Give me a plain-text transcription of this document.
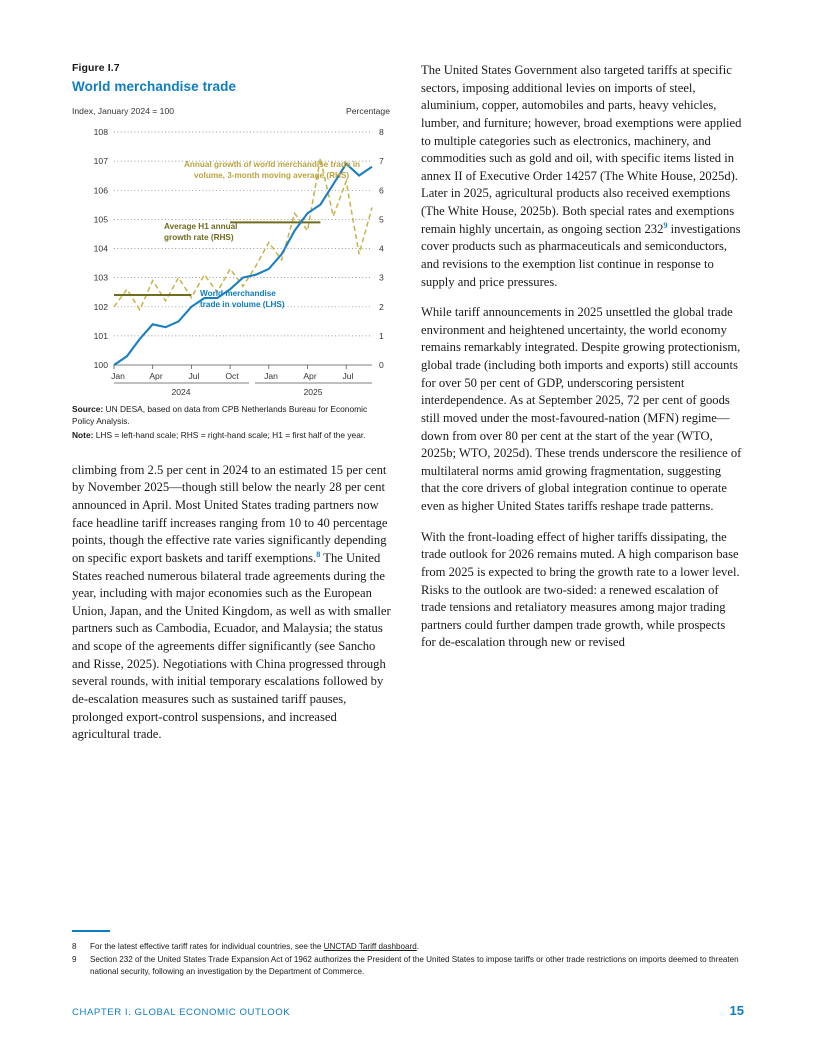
Figure I.7
World merchandise trade
Index, January 2024 = 100	Percentage
108
107
106
105
104
103
102
101
100
8
7
6
5
4
3
2
1
0
Jan	Apr	Jul	Oct	Jan	Apr	Jul
2024	2025
Annual growth of world merchandise trade in
volume, 3-month moving average (RHS)
Average H1 annual
growth rate (RHS)
World merchandise
trade in volume (LHS)
Source: UN DESA, based on data from CPB Netherlands Bureau for Economic Policy Analysis.
Note: LHS = left-hand scale; RHS = right-hand scale; H1 = first half of the year.

climbing from 2.5 per cent in 2024 to an estimated 15 per cent by November 2025—though still below the nearly 28 per cent announced in April. Most United States trading partners now face headline tariff increases ranging from 10 to 40 percentage points, though the effective rate varies significantly depending on specific export baskets and tariff exemptions.$^8$ The United States reached numerous bilateral trade agreements during the year, including with major economies such as the European Union, Japan, and the United Kingdom, as well as with smaller partners such as Cambodia, Ecuador, and Malaysia; the status and scope of the agreements differ significantly (see Sancho and Risse, 2025). Negotiations with China progressed through several rounds, with initial temporary escalations followed by de-escalation measures such as sustained tariff pauses, prolonged export-control suspensions, and increased agricultural trade.

The United States Government also targeted tariffs at specific sectors, imposing additional levies on imports of steel, aluminium, copper, automobiles and parts, heavy vehicles, lumber, and furniture; however, broad exemptions were applied to multiple categories such as electronics, machinery, and commodities such as gold and oil, with specific items listed in annex II of Executive Order 14257 (The White House, 2025d). Later in 2025, agricultural products also received exemptions (The White House, 2025b). Both special rates and exemptions remain highly uncertain, as ongoing section $232^9$ investigations cover products such as pharmaceuticals and semiconductors, and revisions to the exemption list continue in response to supply and price pressures.

While tariff announcements in 2025 unsettled the global trade environment and heightened uncertainty, the world economy remains remarkably integrated. Despite growing protectionism, global trade (including both imports and exports) still accounts for over 50 per cent of GDP, underscoring persistent interdependence. As at September 2025, 72 per cent of goods still moved under the most-favoured-nation (MFN) regime—down from over 80 per cent at the start of the year (WTO, 2025b; WTO, 2025d). These trends underscore the resilience of multilateral norms amid growing fragmentation, suggesting that the core drivers of global integration continue to operate even as higher United States tariffs reshape trade patterns.

With the front-loading effect of higher tariffs dissipating, the trade outlook for 2026 remains muted. A high comparison base from 2025 is expected to bring the growth rate to a lower level. Risks to the outlook are two-sided: a renewed escalation of trade tensions and retaliatory measures among major trading partners could further dampen trade growth, while prospects for de-escalation through new or revised

8	For the latest effective tariff rates for individual countries, see the UNCTAD Tariff dashboard.
9	Section 232 of the United States Trade Expansion Act of 1962 authorizes the President of the United States to impose tariffs or other trade restrictions on imports deemed to threaten national security, following an investigation by the Department of Commerce.
CHAPTER I. GLOBAL ECONOMIC OUTLOOK	15
